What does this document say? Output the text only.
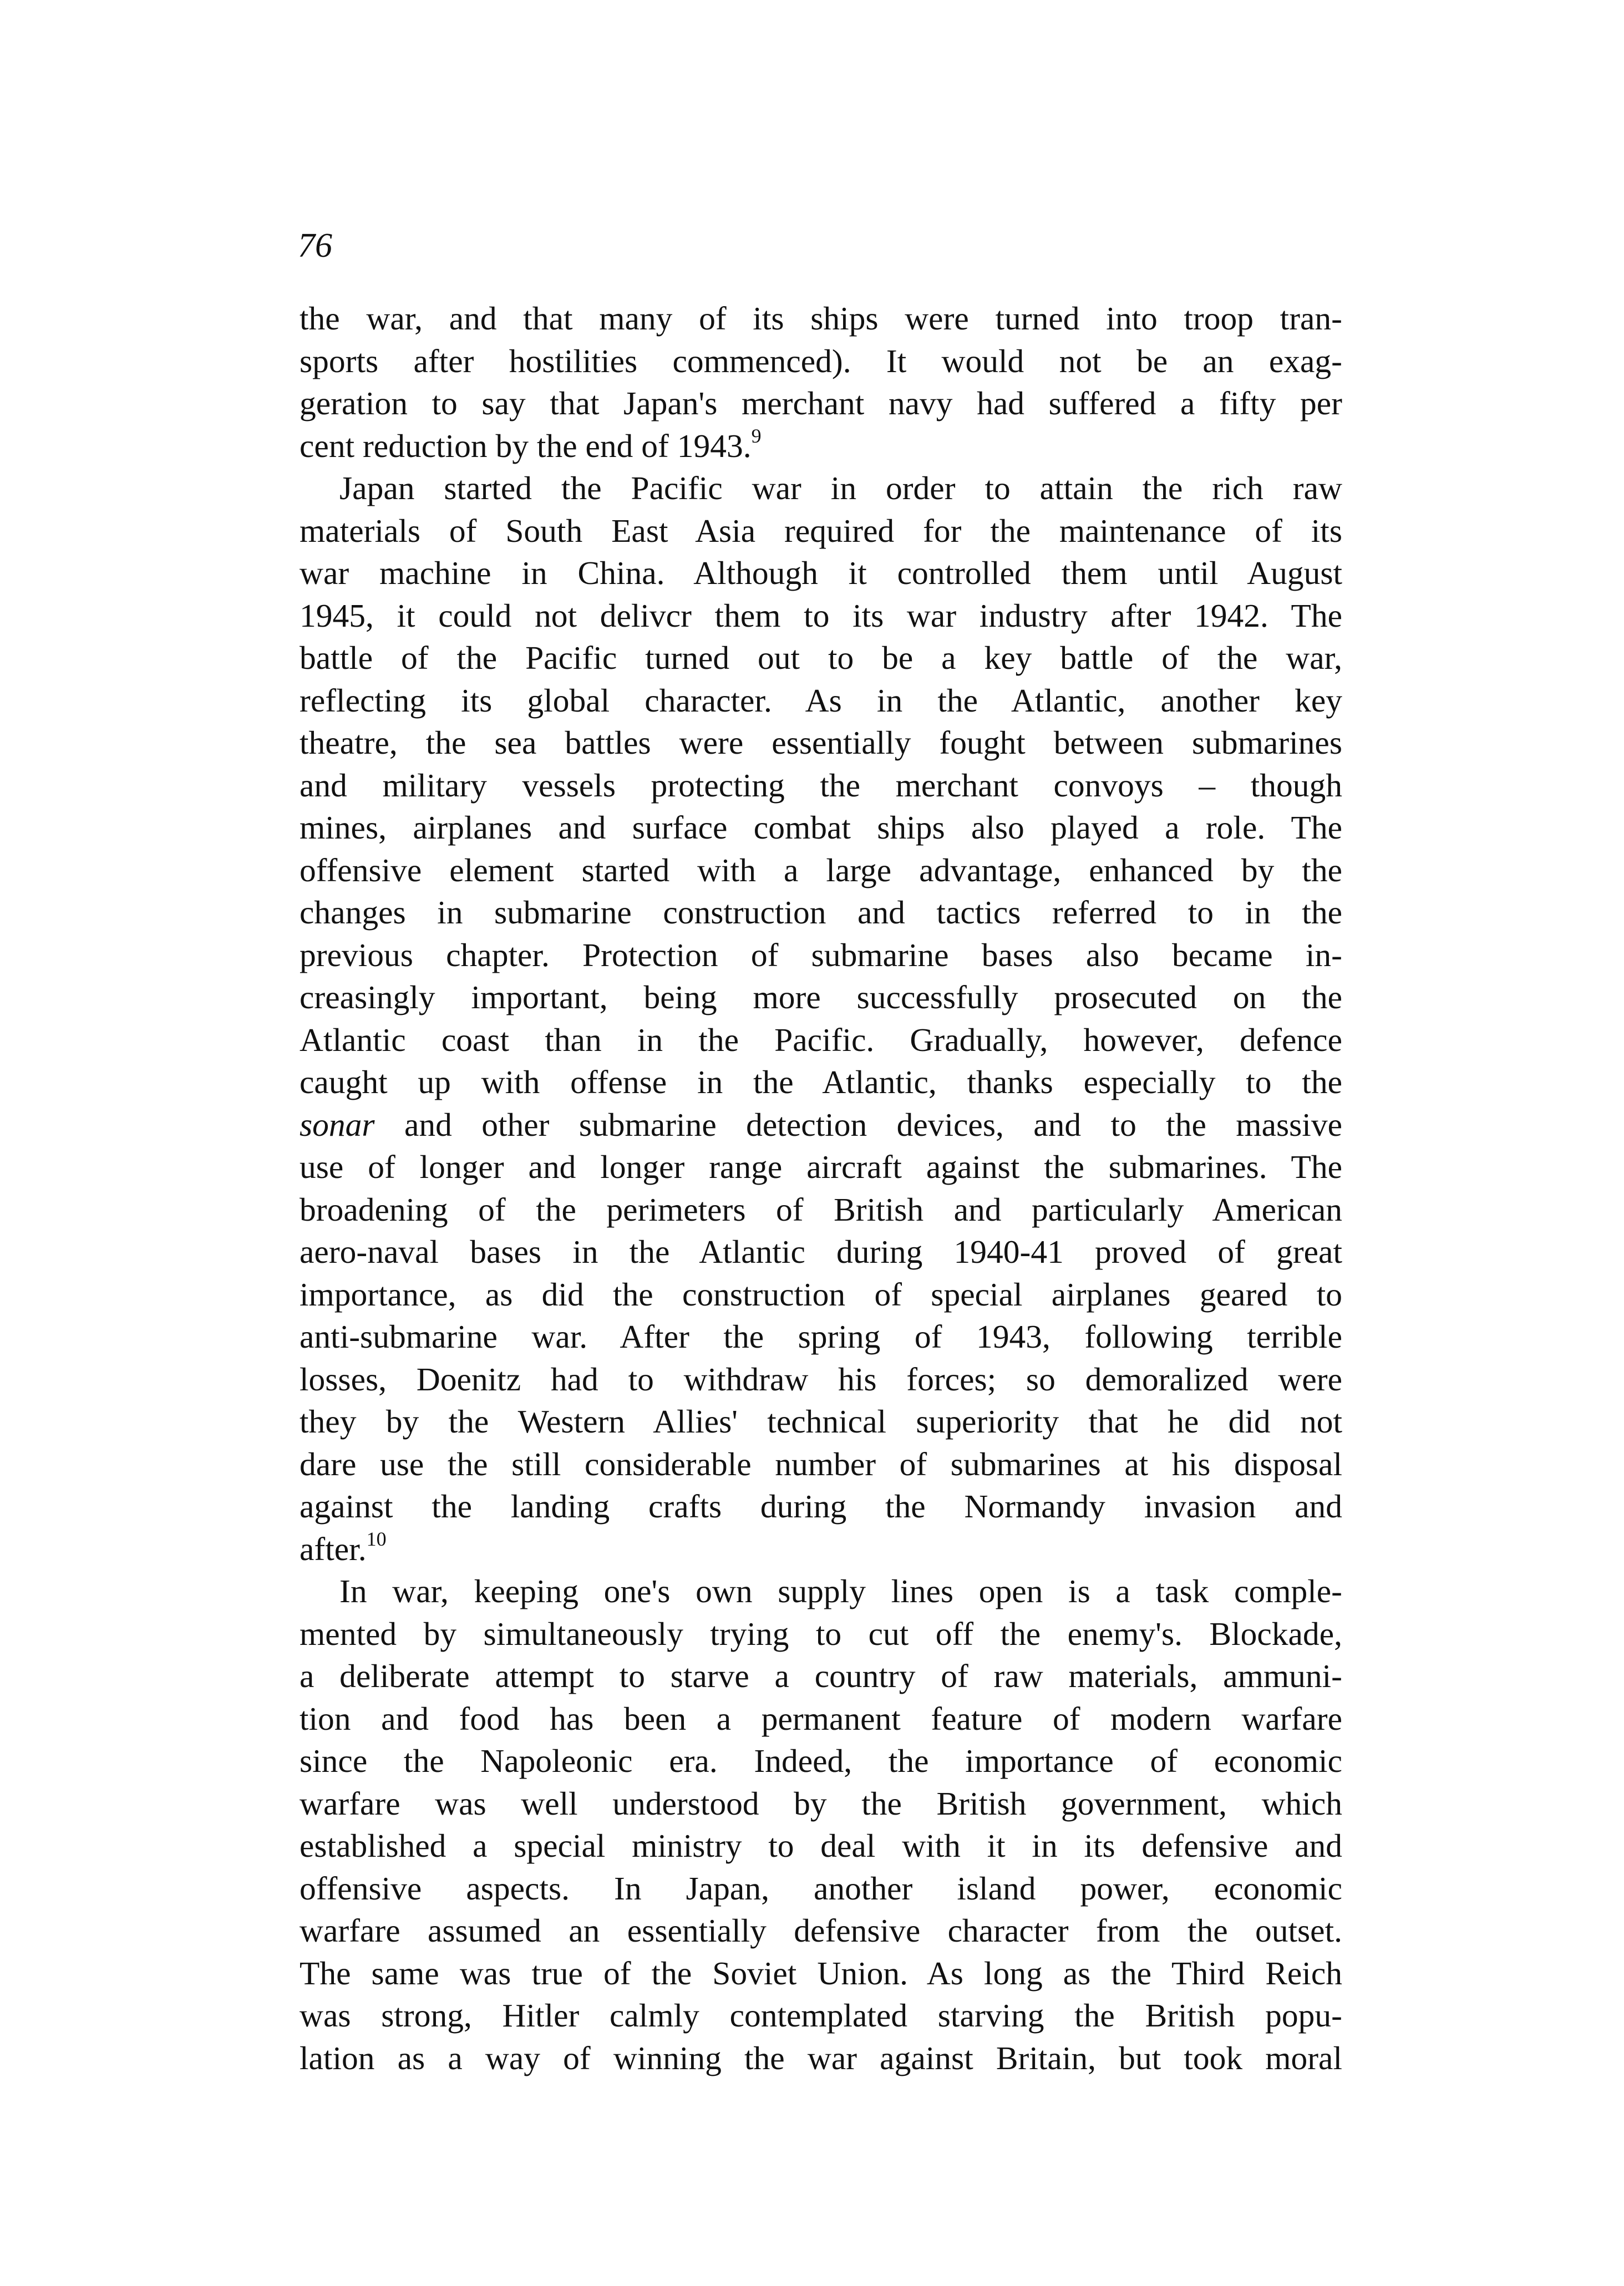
76
the war, and that many of its ships were turned into troop tran-
sports after hostilities commenced). It would not be an exag-
geration to say that Japan's merchant navy had suffered a fifty per
cent reduction by the end of 1943.$^9$
Japan started the Pacific war in order to attain the rich raw
materials of South East Asia required for the maintenance of its
war machine in China. Although it controlled them until August
1945, it could not delivcr them to its war industry after 1942. The
battle of the Pacific turned out to be a key battle of the war,
reflecting its global character. As in the Atlantic, another key
theatre, the sea battles were essentially fought between submarines
and military vessels protecting the merchant convoys – though
mines, airplanes and surface combat ships also played a role. The
offensive element started with a large advantage, enhanced by the
changes in submarine construction and tactics referred to in the
previous chapter. Protection of submarine bases also became in-
creasingly important, being more successfully prosecuted on the
Atlantic coast than in the Pacific. Gradually, however, defence
caught up with offense in the Atlantic, thanks especially to the
sonar and other submarine detection devices, and to the massive
use of longer and longer range aircraft against the submarines. The
broadening of the perimeters of British and particularly American
aero-naval bases in the Atlantic during 1940-41 proved of great
importance, as did the construction of special airplanes geared to
anti-submarine war. After the spring of 1943, following terrible
losses, Doenitz had to withdraw his forces; so demoralized were
they by the Western Allies' technical superiority that he did not
dare use the still considerable number of submarines at his disposal
against the landing crafts during the Normandy invasion and
after.$^{10}$
In war, keeping one's own supply lines open is a task comple-
mented by simultaneously trying to cut off the enemy's. Blockade,
a deliberate attempt to starve a country of raw materials, ammuni-
tion and food has been a permanent feature of modern warfare
since the Napoleonic era. Indeed, the importance of economic
warfare was well understood by the British government, which
established a special ministry to deal with it in its defensive and
offensive aspects. In Japan, another island power, economic
warfare assumed an essentially defensive character from the outset.
The same was true of the Soviet Union. As long as the Third Reich
was strong, Hitler calmly contemplated starving the British popu-
lation as a way of winning the war against Britain, but took moral
